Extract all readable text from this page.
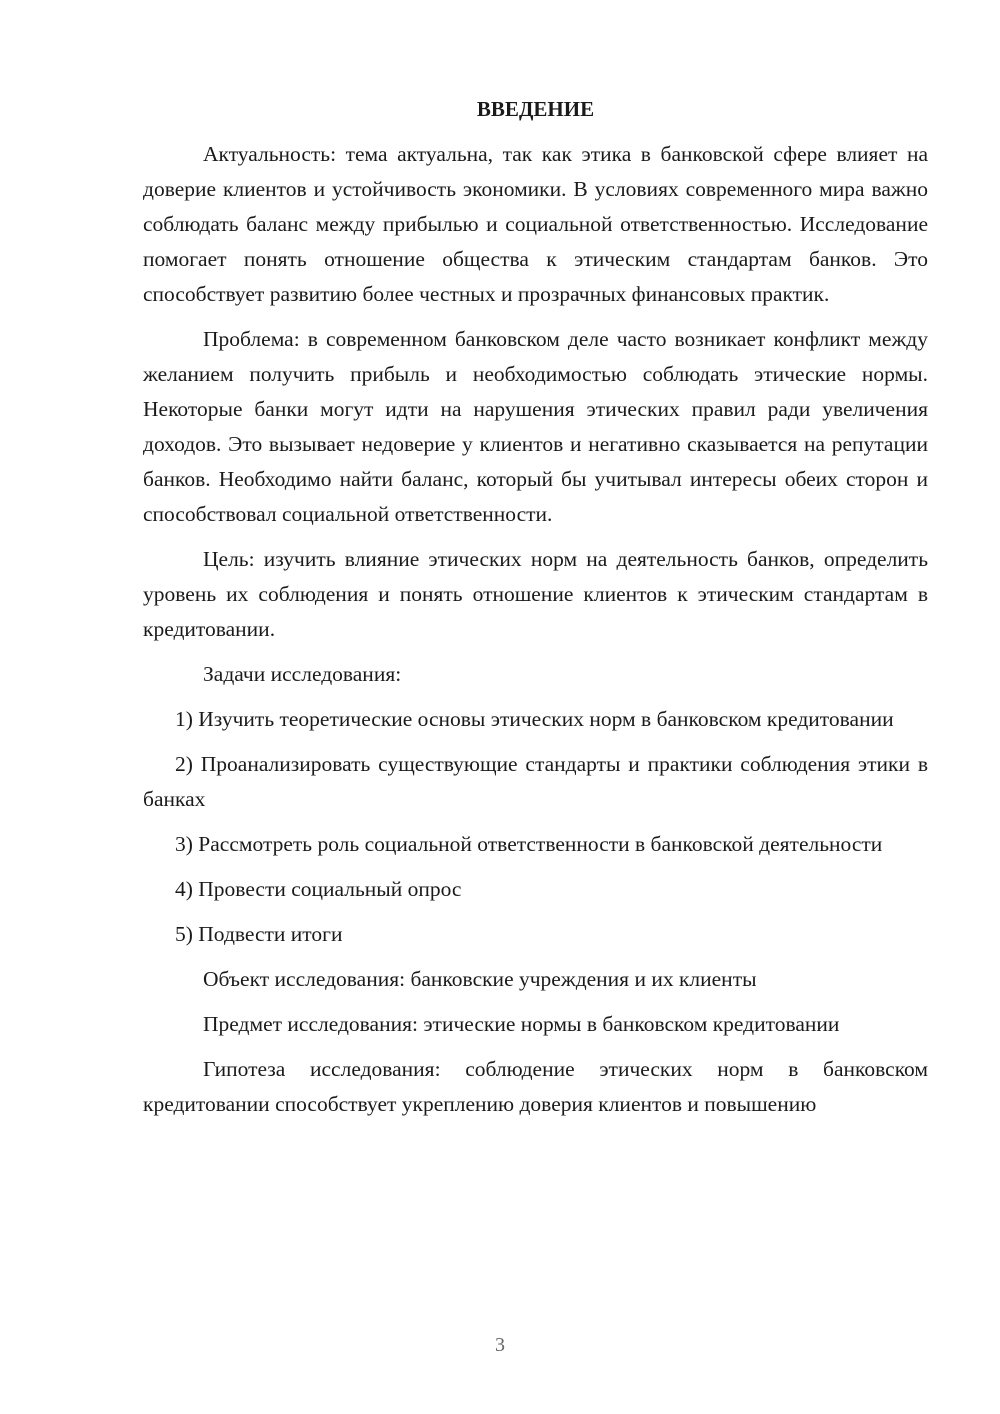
ВВЕДЕНИЕ

Актуальность: тема актуальна, так как этика в банковской сфере влияет на доверие клиентов и устойчивость экономики. В условиях современного мира важно соблюдать баланс между прибылью и социальной ответственностью. Исследование помогает понять отношение общества к этическим стандартам банков. Это способствует развитию более честных и прозрачных финансовых практик.

Проблема: в современном банковском деле часто возникает конфликт между желанием получить прибыль и необходимостью соблюдать этические нормы. Некоторые банки могут идти на нарушения этических правил ради увеличения доходов. Это вызывает недоверие у клиентов и негативно сказывается на репутации банков. Необходимо найти баланс, который бы учитывал интересы обеих сторон и способствовал социальной ответственности.

Цель: изучить влияние этических норм на деятельность банков, определить уровень их соблюдения и понять отношение клиентов к этическим стандартам в кредитовании.

Задачи исследования:

1) Изучить теоретические основы этических норм в банковском кредитовании

2) Проанализировать существующие стандарты и практики соблюдения этики в банках

3) Рассмотреть роль социальной ответственности в банковской деятельности

4) Провести социальный опрос

5) Подвести итоги

Объект исследования: банковские учреждения и их клиенты

Предмет исследования: этические нормы в банковском кредитовании

Гипотеза исследования: соблюдение этических норм в банковском кредитовании способствует укреплению доверия клиентов и повышению

3
